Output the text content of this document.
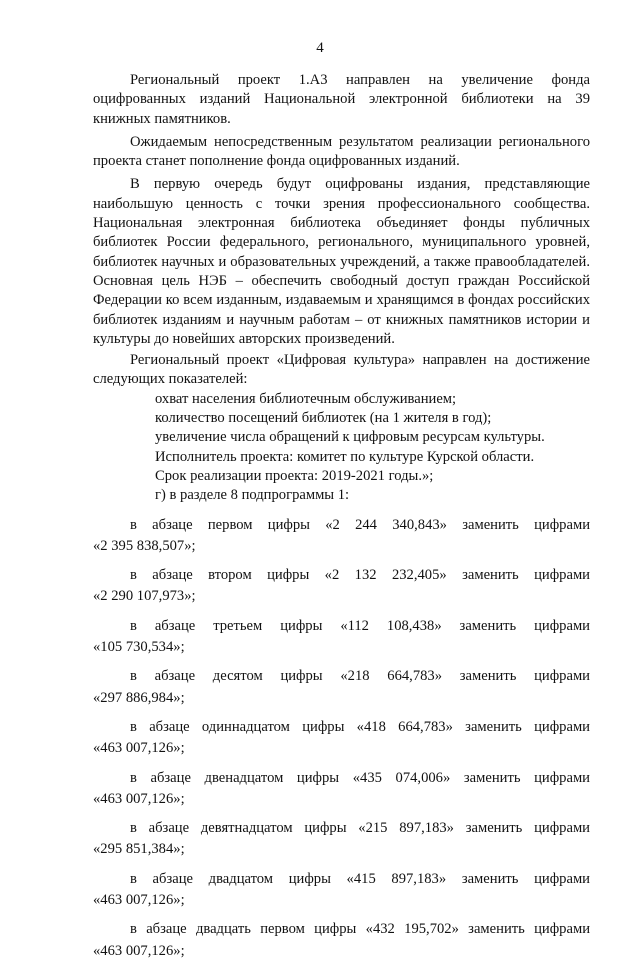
4

Региональный проект 1.А3 направлен на увеличение фонда оцифрованных изданий Национальной электронной библиотеки на 39 книжных памятников.

Ожидаемым непосредственным результатом реализации регионального проекта станет пополнение фонда оцифрованных изданий.

В первую очередь будут оцифрованы издания, представляющие наибольшую ценность с точки зрения профессионального сообщества. Национальная электронная библиотека объединяет фонды публичных библиотек России федерального, регионального, муниципального уровней, библиотек научных и образовательных учреждений, а также правообладателей. Основная цель НЭБ – обеспечить свободный доступ граждан Российской Федерации ко всем изданным, издаваемым и хранящимся в фондах российских библиотек изданиям и научным работам – от книжных памятников истории и культуры до новейших авторских произведений.

Региональный проект «Цифровая культура» направлен на достижение следующих показателей:

охват населения библиотечным обслуживанием;

количество посещений библиотек (на 1 жителя в год);

увеличение числа обращений к цифровым ресурсам культуры.

Исполнитель проекта: комитет по культуре Курской области.

Срок реализации проекта: 2019-2021 годы.»;

г) в разделе 8 подпрограммы 1:

в абзаце первом цифры «2 244 340,843» заменить цифрами

«2 395 838,507»;

в абзаце втором цифры «2 132 232,405» заменить цифрами

«2 290 107,973»;

в абзаце третьем цифры «112 108,438» заменить цифрами

«105 730,534»;

в абзаце десятом цифры «218 664,783» заменить цифрами

«297 886,984»;

в абзаце одиннадцатом цифры «418 664,783» заменить цифрами

«463 007,126»;

в абзаце двенадцатом цифры «435 074,006» заменить цифрами

«463 007,126»;

в абзаце девятнадцатом цифры «215 897,183» заменить цифрами

«295 851,384»;

в абзаце двадцатом цифры «415 897,183» заменить цифрами

«463 007,126»;

в абзаце двадцать первом цифры «432 195,702» заменить цифрами

«463 007,126»;
